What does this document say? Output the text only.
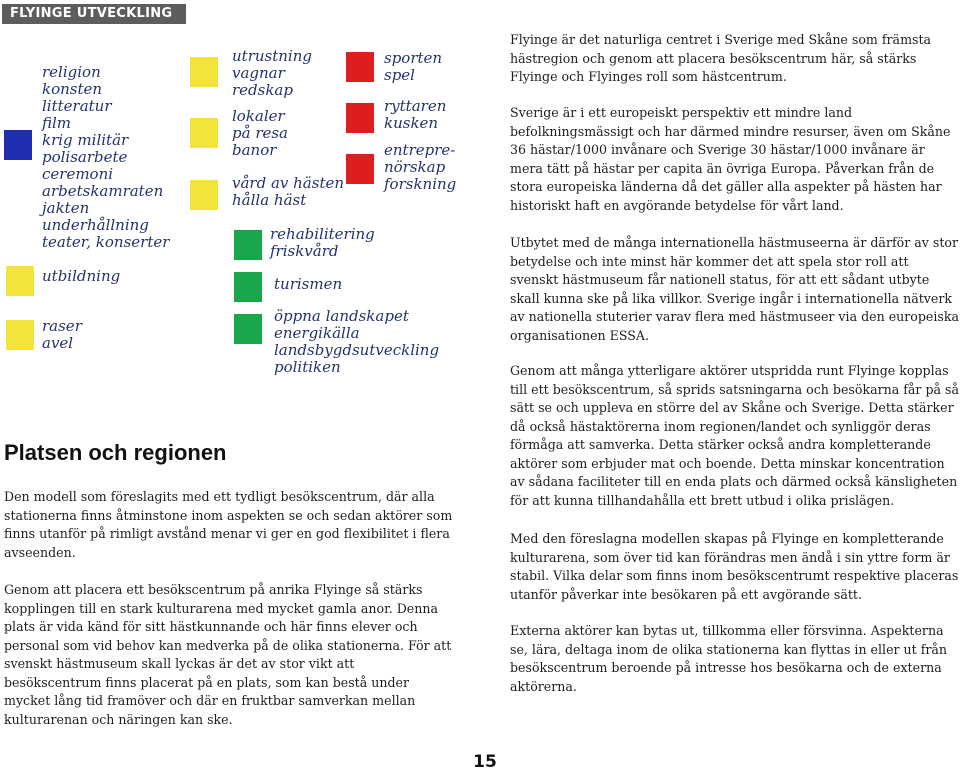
FLYINGE UTVECKLING

religion
konsten
litteratur
film
krig militär
polisarbete
ceremoni
arbetskamraten
jakten
underhållning
teater, konserter

utbildning

raser
avel

utrustning
vagnar
redskap

lokaler
på resa
banor

vård av hästen
hålla häst

sporten
spel

ryttaren
kusken

entrepre-
nörskap
forskning

rehabilitering
friskvård

turismen

öppna landskapet
energikälla
landsbygdsutveckling
politiken

Platsen och regionen

Den modell som föreslagits med ett tydligt besökscentrum, där alla stationerna finns åtminstone inom aspekten se och sedan aktörer som finns utanför på rimligt avstånd menar vi ger en god flexibilitet i flera avseenden.

Genom att placera ett besökscentrum på anrika Flyinge så stärks kopplingen till en stark kulturarena med mycket gamla anor. Denna plats är vida känd för sitt hästkunnande och här finns elever och personal som vid behov kan medverka på de olika stationerna. För att svenskt hästmuseum skall lyckas är det av stor vikt att besökscentrum finns placerat på en plats, som kan bestå under mycket lång tid framöver och där en fruktbar samverkan mellan kulturarenan och näringen kan ske.

Flyinge är det naturliga centret i Sverige med Skåne som främsta hästregion och genom att placera besökscentrum här, så stärks Flyinge och Flyinges roll som hästcentrum.

Sverige är i ett europeiskt perspektiv ett mindre land befolkningsmässigt och har därmed mindre resurser, även om Skåne 36 hästar/1000 invånare och Sverige 30 hästar/1000 invånare är mera tätt på hästar per capita än övriga Europa. Påverkan från de stora europeiska länderna då det gäller alla aspekter på hästen har historiskt haft en avgörande betydelse för vårt land.

Utbytet med de många internationella hästmuseerna är därför av stor betydelse och inte minst här kommer det att spela stor roll att svenskt hästmuseum får nationell status, för att ett sådant utbyte skall kunna ske på lika villkor. Sverige ingår i internationella nätverk av nationella stuterier varav flera med hästmuseer via den europeiska organisationen ESSA.

Genom att många ytterligare aktörer utspridda runt Flyinge kopplas till ett besökscentrum, så sprids satsningarna och besökarna får på så sätt se och uppleva en större del av Skåne och Sverige. Detta stärker då också hästaktörerna inom regionen/landet och synliggör deras förmåga att samverka. Detta stärker också andra kompletterande aktörer som erbjuder mat och boende. Detta minskar koncentration av sådana faciliteter till en enda plats och därmed också känsligheten för att kunna tillhandahålla ett brett utbud i olika prislägen.

Med den föreslagna modellen skapas på Flyinge en kompletterande kulturarena, som över tid kan förändras men ändå i sin yttre form är stabil. Vilka delar som finns inom besökscentrumt respektive placeras utanför påverkar inte besökaren på ett avgörande sätt.

Externa aktörer kan bytas ut, tillkomma eller försvinna. Aspekterna se, lära, deltaga inom de olika stationerna kan flyttas in eller ut från besökscentrum beroende på intresse hos besökarna och de externa aktörerna.

15
